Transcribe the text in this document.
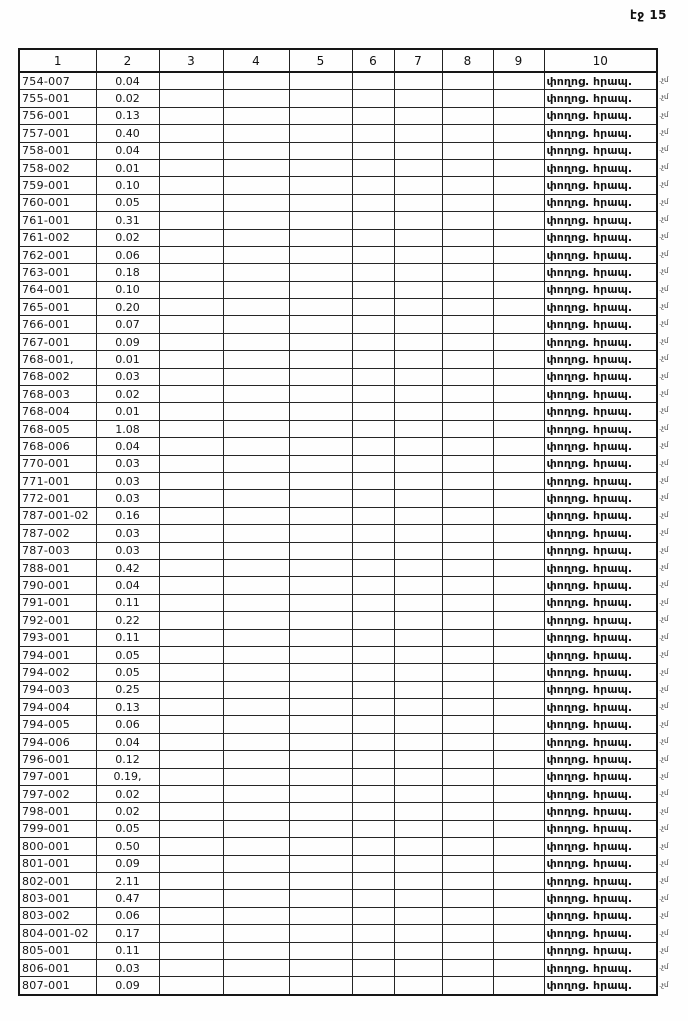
էջ 15
1	2	3	4	5	6	7	8	9	10
754-007	0.04								փողոց. հրապ.
755-001	0.02								փողոց. հրապ.
756-001	0.13								փողոց. հրապ.
757-001	0.40								փողոց. հրապ.
758-001	0.04								փողոց. հրապ.
758-002	0.01								փողոց. հրապ.
759-001	0.10								փողոց. հրապ.
760-001	0.05								փողոց. հրապ.
761-001	0.31								փողոց. հրապ.
761-002	0.02								փողոց. հրապ.
762-001	0.06								փողոց. հրապ.
763-001	0.18								փողոց. հրապ.
764-001	0.10								փողոց. հրապ.
765-001	0.20								փողոց. հրապ.
766-001	0.07								փողոց. հրապ.
767-001	0.09								փողոց. հրապ.
768-001,	0.01								փողոց. հրապ.
768-002	0.03								փողոց. հրապ.
768-003	0.02								փողոց. հրապ.
768-004	0.01								փողոց. հրապ.
768-005	1.08								փողոց. հրապ.
768-006	0.04								փողոց. հրապ.
770-001	0.03								փողոց. հրապ.
771-001	0.03								փողոց. հրապ.
772-001	0.03								փողոց. հրապ.
787-001-02	0.16								փողոց. հրապ.
787-002	0.03								փողոց. հրապ.
787-003	0.03								փողոց. հրապ.
788-001	0.42								փողոց. հրապ.
790-001	0.04								փողոց. հրապ.
791-001	0.11								փողոց. հրապ.
792-001	0.22								փողոց. հրապ.
793-001	0.11								փողոց. հրապ.
794-001	0.05								փողոց. հրապ.
794-002	0.05								փողոց. հրապ.
794-003	0.25								փողոց. հրապ.
794-004	0.13								փողոց. հրապ.
794-005	0.06								փողոց. հրապ.
794-006	0.04								փողոց. հրապ.
796-001	0.12								փողոց. հրապ.
797-001	0.19,								փողոց. հրապ.
797-002	0.02								փողոց. հրապ.
798-001	0.02								փողոց. հրապ.
799-001	0.05								փողոց. հրապ.
800-001	0.50								փողոց. հրապ.
801-001	0.09								փողոց. հրապ.
802-001	2.11								փողոց. հրապ.
803-001	0.47								փողոց. հրապ.
803-002	0.06								փողոց. հրապ.
804-001-02	0.17								փողոց. հրապ.
805-001	0.11								փողոց. հրապ.
806-001	0.03								փողոց. հրապ.
807-001	0.09								փողոց. հրապ.
.չմ
.չմ
.չմ
.չմ
.չմ
.չմ
.չմ
.չմ
.չմ
.չմ
.չմ
.չմ
.չմ
.չմ
.չմ
.չմ
.չմ
.չմ
.չմ
.չմ
.չմ
.չմ
.չմ
.չմ
.չմ
.չմ
.չմ
.չմ
.չմ
.չմ
.չմ
.չմ
.չմ
.չմ
.չմ
.չմ
.չմ
.չմ
.չմ
.չմ
.չմ
.չմ
.չմ
.չմ
.չմ
.չմ
.չմ
.չմ
.չմ
.չմ
.չմ
.չմ
.չմ
